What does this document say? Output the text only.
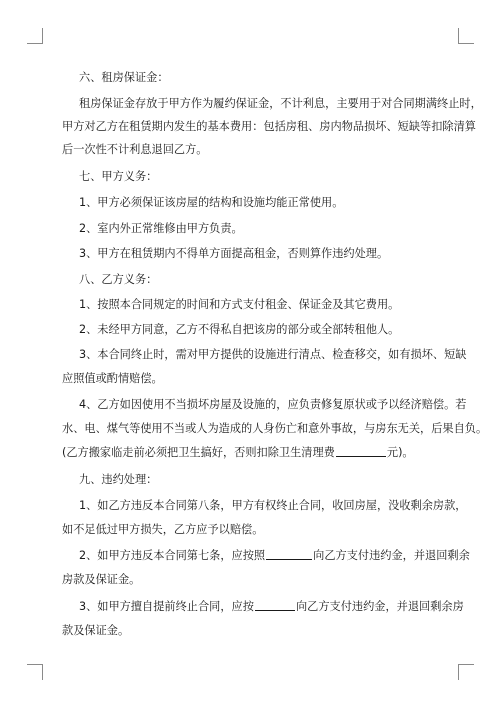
六、租房保证金：

租房保证金存放于甲方作为履约保证金，不计利息，主要用于对合同期满终止时，

甲方对乙方在租赁期内发生的基本费用：包括房租、房内物品损坏、短缺等扣除清算

后一次性不计利息退回乙方。

七、甲方义务：

1、甲方必须保证该房屋的结构和设施均能正常使用。

2、室内外正常维修由甲方负责。

3、甲方在租赁期内不得单方面提高租金，否则算作违约处理。

八、乙方义务：

1、按照本合同规定的时间和方式支付租金、保证金及其它费用。

2、未经甲方同意，乙方不得私自把该房的部分或全部转租他人。

3、本合同终止时，需对甲方提供的设施进行清点、检查移交，如有损坏、短缺

应照值或酌情赔偿。

4、乙方如因使用不当损坏房屋及设施的，应负责修复原状或予以经济赔偿。若

水、电、煤气等使用不当或人为造成的人身伤亡和意外事故，与房东无关，后果自负。

(乙方搬家临走前必须把卫生搞好，否则扣除卫生清理费	元)。

九、违约处理：

1、如乙方违反本合同第八条，甲方有权终止合同，收回房屋，没收剩余房款，

如不足低过甲方损失，乙方应予以赔偿。

2、如甲方违反本合同第七条，应按照	向乙方支付违约金，并退回剩余

房款及保证金。

3、如甲方擅自提前终止合同，应按	向乙方支付违约金，并退回剩余房

款及保证金。
